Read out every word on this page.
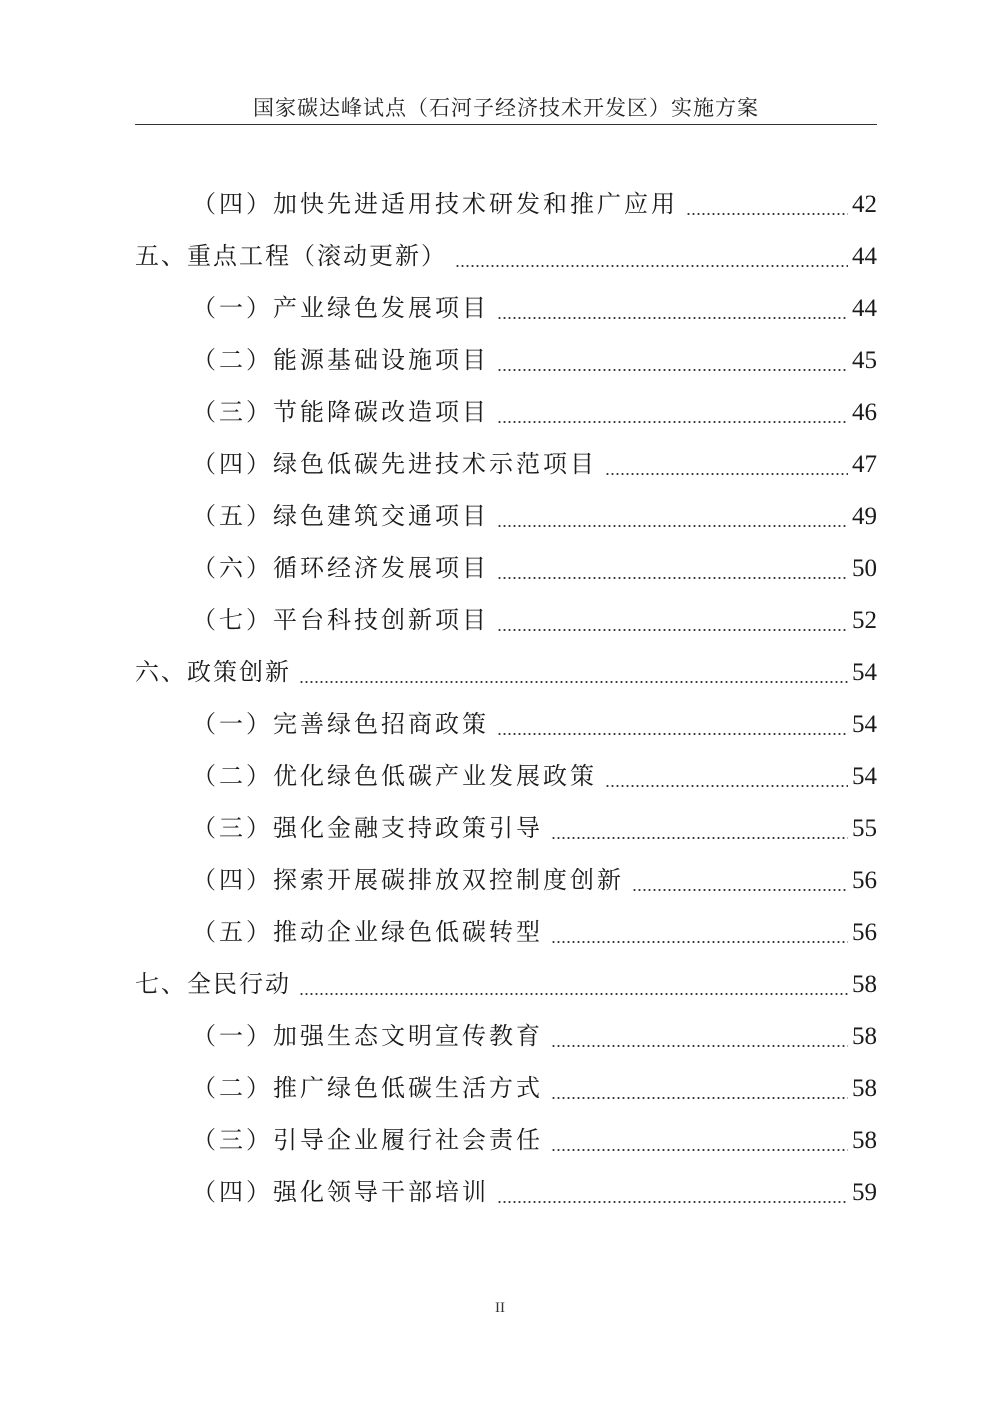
国家碳达峰试点（石河子经济技术开发区）实施方案
（四）加快先进适用技术研发和推广应用	42
五、重点工程（滚动更新）	44
（一）产业绿色发展项目	44
（二）能源基础设施项目	45
（三）节能降碳改造项目	46
（四）绿色低碳先进技术示范项目	47
（五）绿色建筑交通项目	49
（六）循环经济发展项目	50
（七）平台科技创新项目	52
六、政策创新	54
（一）完善绿色招商政策	54
（二）优化绿色低碳产业发展政策	54
（三）强化金融支持政策引导	55
（四）探索开展碳排放双控制度创新	56
（五）推动企业绿色低碳转型	56
七、全民行动	58
（一）加强生态文明宣传教育	58
（二）推广绿色低碳生活方式	58
（三）引导企业履行社会责任	58
（四）强化领导干部培训	59
II
